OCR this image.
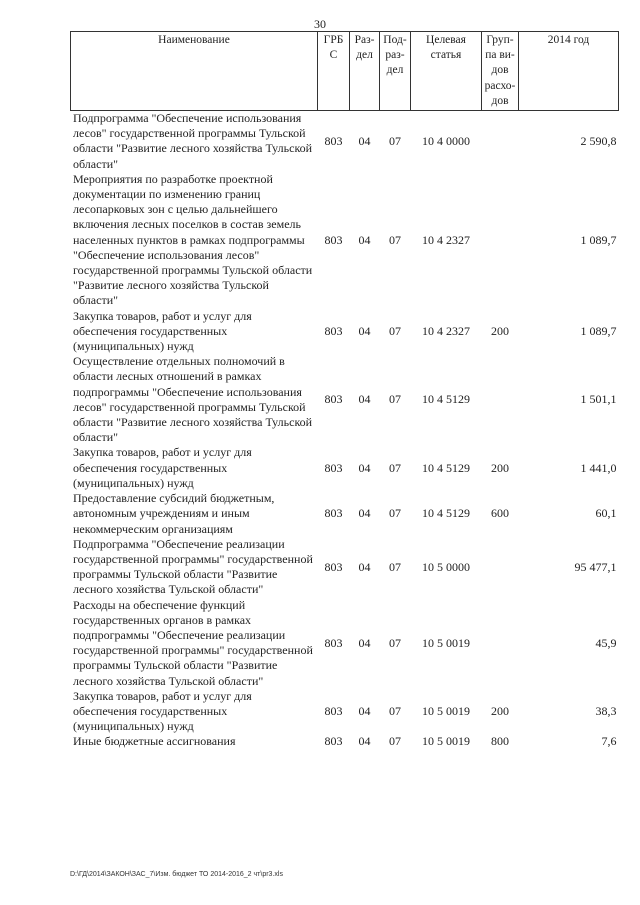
30
Наименование	ГРБС	Раз-дел	Под-раз-дел	Целевая статья	Груп-па ви-дов расхо-дов	2014 год
Подпрограмма "Обеспечение использования лесов" государственной программы Тульской области "Развитие лесного хозяйства Тульской области"	803	04	07	10 4 0000		2 590,8
Мероприятия по разработке проектной документации по изменению границ лесопарковых зон с целью дальнейшего включения лесных поселков в состав земель населенных пунктов в рамках подпрограммы "Обеспечение использования лесов" государственной программы Тульской области "Развитие лесного хозяйства Тульской области"	803	04	07	10 4 2327		1 089,7
Закупка товаров, работ и услуг для обеспечения государственных (муниципальных) нужд	803	04	07	10 4 2327	200	1 089,7
Осуществление отдельных полномочий в области лесных отношений в рамках подпрограммы "Обеспечение использования лесов" государственной программы Тульской области "Развитие лесного хозяйства Тульской области"	803	04	07	10 4 5129		1 501,1
Закупка товаров, работ и услуг для обеспечения государственных (муниципальных) нужд	803	04	07	10 4 5129	200	1 441,0
Предоставление субсидий бюджетным, автономным учреждениям и иным некоммерческим организациям	803	04	07	10 4 5129	600	60,1
Подпрограмма "Обеспечение реализации государственной программы" государственной программы Тульской области "Развитие лесного хозяйства Тульской области"	803	04	07	10 5 0000		95 477,1
Расходы на обеспечение функций государственных органов в рамках подпрограммы "Обеспечение реализации государственной программы" государственной программы Тульской области "Развитие лесного хозяйства Тульской области"	803	04	07	10 5 0019		45,9
Закупка товаров, работ и услуг для обеспечения государственных (муниципальных) нужд	803	04	07	10 5 0019	200	38,3
Иные бюджетные ассигнования	803	04	07	10 5 0019	800	7,6
D:\ГД\2014\ЗАКОН\ЗАС_7\Изм. бюджет ТО 2014-2016_2 чт\pr3.xls
